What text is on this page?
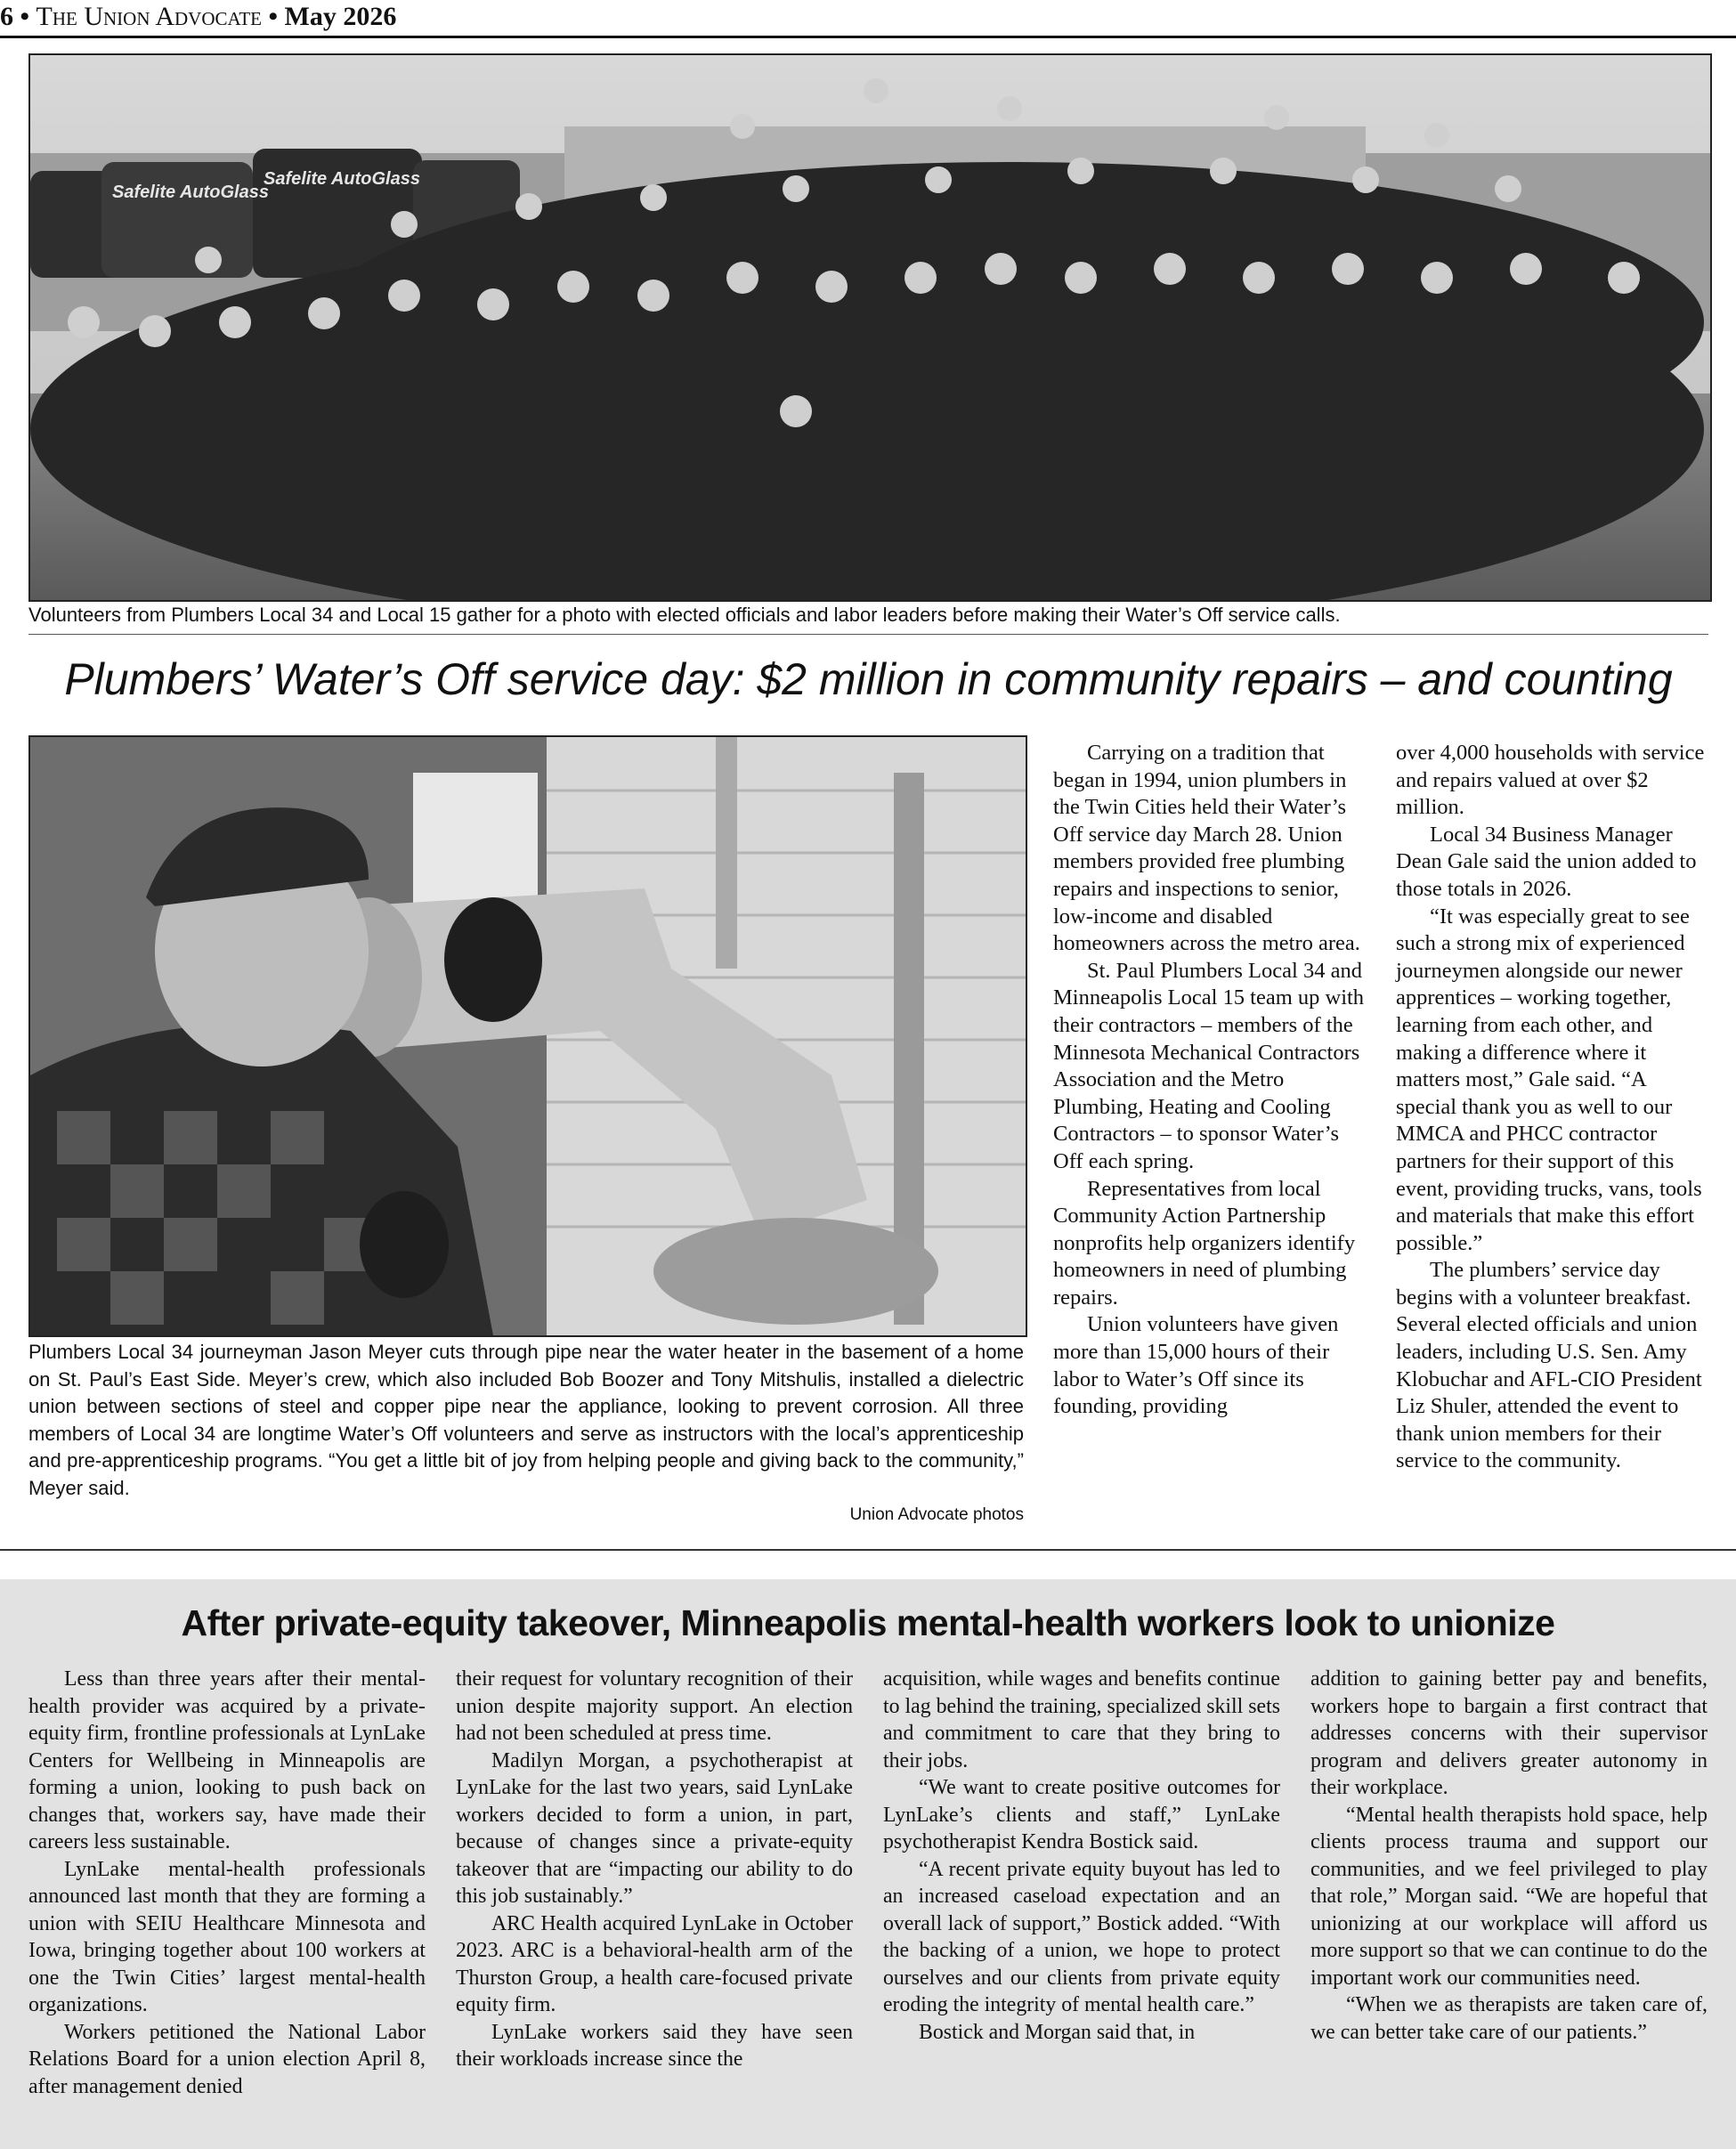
6 • The Union Advocate • May 2026
Safelite AutoGlass
Safelite AutoGlass
Volunteers from Plumbers Local 34 and Local 15 gather for a photo with elected officials and labor leaders before making their Water’s Off service calls.
Plumbers’ Water’s Off service day: $2 million in community repairs – and counting
Plumbers Local 34 journeyman Jason Meyer cuts through pipe near the water heater in the basement of a home on St. Paul’s East Side. Meyer’s crew, which also included Bob Boozer and Tony Mitshulis, installed a dielectric union between sections of steel and copper pipe near the appliance, looking to prevent corrosion. All three members of Local 34 are longtime Water’s Off volunteers and serve as instructors with the local’s apprenticeship and pre-apprenticeship programs. “You get a little bit of joy from helping people and giving back to the community,” Meyer said.
Union Advocate photos

Carrying on a tradition that began in 1994, union plumbers in the Twin Cities held their Water’s Off service day March 28. Union members provided free plumbing repairs and inspections to senior, low-income and disabled homeowners across the metro area.

St. Paul Plumbers Local 34 and Minneapolis Local 15 team up with their contractors – members of the Minnesota Mechanical Contractors Association and the Metro Plumbing, Heating and Cooling Contractors – to sponsor Water’s Off each spring.

Representatives from local Community Action Partnership nonprofits help organizers identify homeowners in need of plumbing repairs.

Union volunteers have given more than 15,000 hours of their labor to Water’s Off since its founding, providing

over 4,000 households with service and repairs valued at over $2 million.

Local 34 Business Manager Dean Gale said the union added to those totals in 2026.

“It was especially great to see such a strong mix of experienced journeymen alongside our newer apprentices – working together, learning from each other, and making a difference where it matters most,” Gale said. “A special thank you as well to our MMCA and PHCC contractor partners for their support of this event, providing trucks, vans, tools and materials that make this effort possible.”

The plumbers’ service day begins with a volunteer breakfast. Several elected officials and union leaders, including U.S. Sen. Amy Klobuchar and AFL-CIO President Liz Shuler, attended the event to thank union members for their service to the community.

After private-equity takeover, Minneapolis mental-health workers look to unionize

Less than three years after their mental-health provider was acquired by a private-equity firm, frontline professionals at LynLake Centers for Wellbeing in Minneapolis are forming a union, looking to push back on changes that, workers say, have made their careers less sustainable.

LynLake mental-health professionals announced last month that they are forming a union with SEIU Healthcare Minnesota and Iowa, bringing together about 100 workers at one the Twin Cities’ largest mental-health organizations.

Workers petitioned the National Labor Relations Board for a union election April 8, after management denied

their request for voluntary recognition of their union despite majority support. An election had not been scheduled at press time.

Madilyn Morgan, a psychotherapist at LynLake for the last two years, said LynLake workers decided to form a union, in part, because of changes since a private-equity takeover that are “impacting our ability to do this job sustainably.”

ARC Health acquired LynLake in October 2023. ARC is a behavioral-health arm of the Thurston Group, a health care-focused private equity firm.

LynLake workers said they have seen their workloads increase since the

acquisition, while wages and benefits continue to lag behind the training, specialized skill sets and commitment to care that they bring to their jobs.

“We want to create positive outcomes for LynLake’s clients and staff,” LynLake psychotherapist Kendra Bostick said.

“A recent private equity buyout has led to an increased caseload expectation and an overall lack of support,” Bostick added. “With the backing of a union, we hope to protect ourselves and our clients from private equity eroding the integrity of mental health care.”

Bostick and Morgan said that, in

addition to gaining better pay and benefits, workers hope to bargain a first contract that addresses concerns with their supervisor program and delivers greater autonomy in their workplace.

“Mental health therapists hold space, help clients process trauma and support our communities, and we feel privileged to play that role,” Morgan said. “We are hopeful that unionizing at our workplace will afford us more support so that we can continue to do the important work our communities need.

“When we as therapists are taken care of, we can better take care of our patients.”
